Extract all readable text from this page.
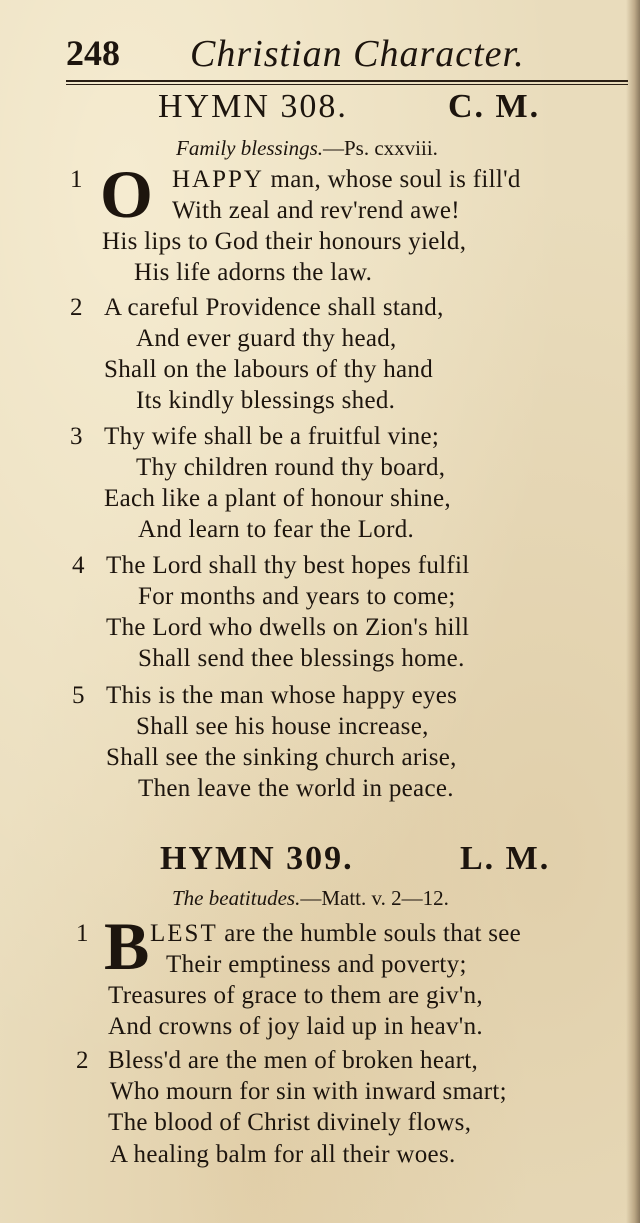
248 Christian Character.
HYMN 308.	C. M.
Family blessings.—Ps. cxxviii.
1 O HAPPY man, whose soul is fill'd
With zeal and rev'rend awe!
His lips to God their honours yield,
His life adorns the law.
2 A careful Providence shall stand,
And ever guard thy head,
Shall on the labours of thy hand
Its kindly blessings shed.
3 Thy wife shall be a fruitful vine;
Thy children round thy board,
Each like a plant of honour shine,
And learn to fear the Lord.
4 The Lord shall thy best hopes fulfil
For months and years to come;
The Lord who dwells on Zion's hill
Shall send thee blessings home.
5 This is the man whose happy eyes
Shall see his house increase,
Shall see the sinking church arise,
Then leave the world in peace.
HYMN 309.	L. M.
The beatitudes.—Matt. v. 2—12.
1 B LEST are the humble souls that see
Their emptiness and poverty;
Treasures of grace to them are giv'n,
And crowns of joy laid up in heav'n.
2 Bless'd are the men of broken heart,
Who mourn for sin with inward smart;
The blood of Christ divinely flows,
A healing balm for all their woes.
